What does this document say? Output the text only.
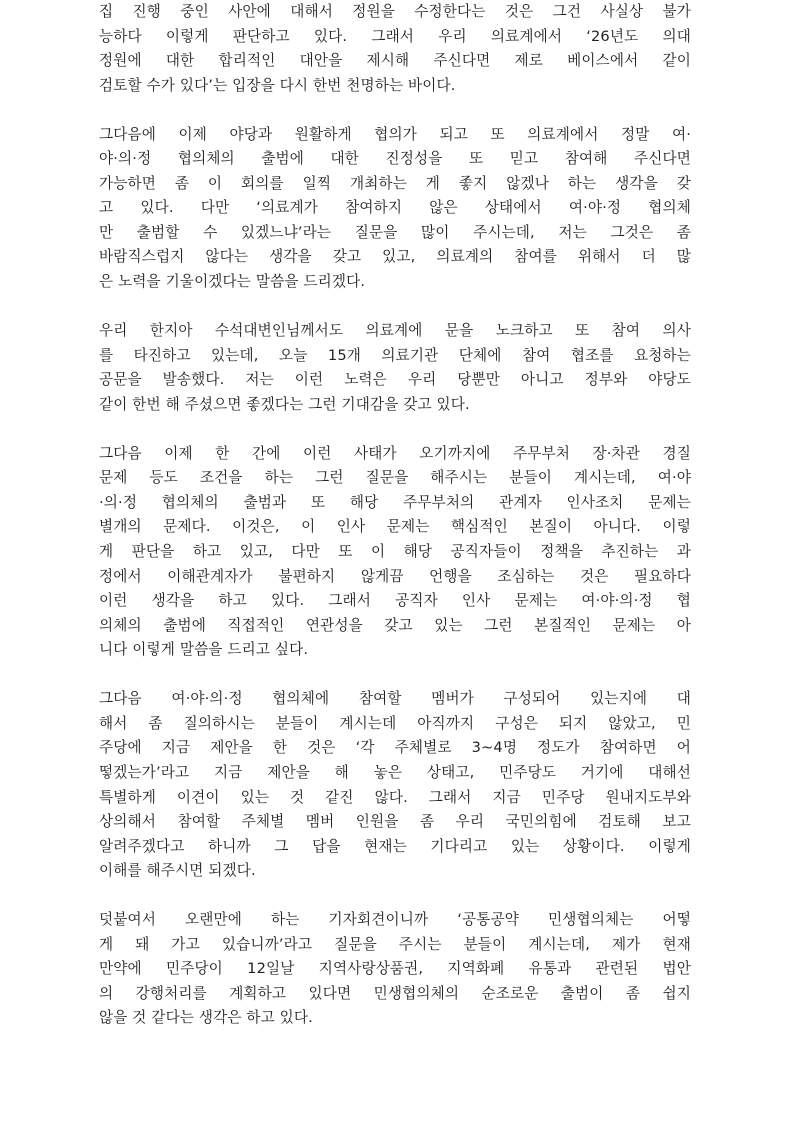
집 진행 중인 사안에 대해서 정원을 수정한다는 것은 그건 사실상 불가
능하다 이렇게 판단하고 있다. 그래서 우리 의료계에서 ‘26년도 의대
정원에 대한 합리적인 대안을 제시해 주신다면 제로 베이스에서 같이
검토할 수가 있다’는 입장을 다시 한번 천명하는 바이다.
그다음에 이제 야당과 원활하게 협의가 되고 또 의료계에서 정말 여·
야·의·정 협의체의 출범에 대한 진정성을 또 믿고 참여해 주신다면
가능하면 좀 이 회의를 일찍 개최하는 게 좋지 않겠나 하는 생각을 갖
고 있다. 다만 ‘의료계가 참여하지 않은 상태에서 여·야·정 협의체
만 출범할 수 있겠느냐’라는 질문을 많이 주시는데, 저는 그것은 좀
바람직스럽지 않다는 생각을 갖고 있고, 의료계의 참여를 위해서 더 많
은 노력을 기울이겠다는 말씀을 드리겠다.
우리 한지아 수석대변인님께서도 의료계에 문을 노크하고 또 참여 의사
를 타진하고 있는데, 오늘 15개 의료기관 단체에 참여 협조를 요청하는
공문을 발송했다. 저는 이런 노력은 우리 당뿐만 아니고 정부와 야당도
같이 한번 해 주셨으면 좋겠다는 그런 기대감을 갖고 있다.
그다음 이제 한 간에 이런 사태가 오기까지에 주무부처 장·차관 경질
문제 등도 조건을 하는 그런 질문을 해주시는 분들이 계시는데, 여·야
·의·정 협의체의 출범과 또 해당 주무부처의 관계자 인사조치 문제는
별개의 문제다. 이것은, 이 인사 문제는 핵심적인 본질이 아니다. 이렇
게 판단을 하고 있고, 다만 또 이 해당 공직자들이 정책을 추진하는 과
정에서 이해관계자가 불편하지 않게끔 언행을 조심하는 것은 필요하다
이런 생각을 하고 있다. 그래서 공직자 인사 문제는 여·야·의·정 협
의체의 출범에 직접적인 연관성을 갖고 있는 그런 본질적인 문제는 아
니다 이렇게 말씀을 드리고 싶다.
그다음 여·야·의·정 협의체에 참여할 멤버가 구성되어 있는지에 대
해서 좀 질의하시는 분들이 계시는데 아직까지 구성은 되지 않았고, 민
주당에 지금 제안을 한 것은 ‘각 주체별로 3~4명 정도가 참여하면 어
떻겠는가’라고 지금 제안을 해 놓은 상태고, 민주당도 거기에 대해선
특별하게 이견이 있는 것 같진 않다. 그래서 지금 민주당 원내지도부와
상의해서 참여할 주체별 멤버 인원을 좀 우리 국민의힘에 검토해 보고
알려주겠다고 하니까 그 답을 현재는 기다리고 있는 상황이다. 이렇게
이해를 해주시면 되겠다.
덧붙여서 오랜만에 하는 기자회견이니까 ‘공통공약 민생협의체는 어떻
게 돼 가고 있습니까’라고 질문을 주시는 분들이 계시는데, 제가 현재
만약에 민주당이 12일날 지역사랑상품권, 지역화폐 유통과 관련된 법안
의 강행처리를 계획하고 있다면 민생협의체의 순조로운 출범이 좀 쉽지
않을 것 같다는 생각은 하고 있다.
